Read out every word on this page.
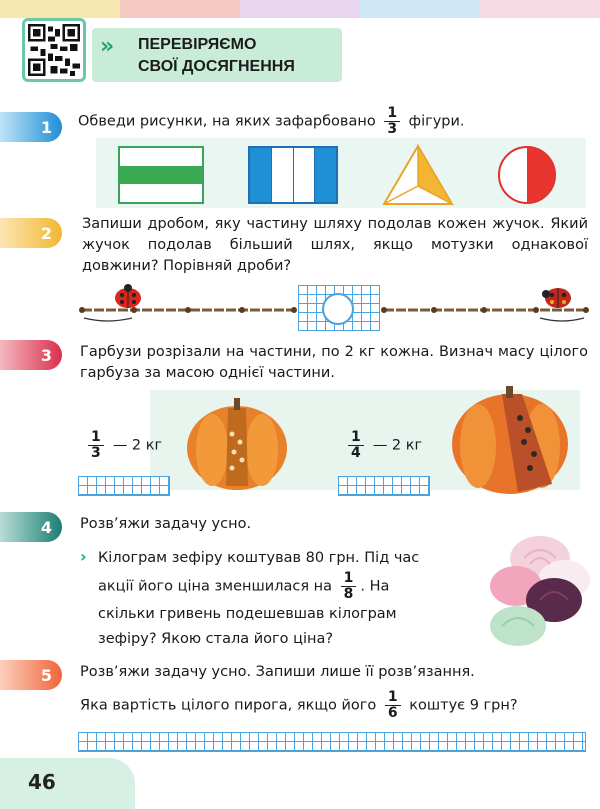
» ПЕРЕВІРЯЄМО
СВОЇ ДОСЯГНЕННЯ
1	Обведи рисунки, на яких зафарбовано $\frac{1}{3}$ фігури.
2	Запиши дробом, яку частину шляху подолав кожен жучок. Який жучок подолав більший шлях, якщо мотузки однакової довжини? Порівняй дроби?
3	Гарбузи розрізали на частини, по 2 кг кожна. Визнач масу цілого гарбуза за масою однієї частини.
$\frac{1}{3}$ — 2 кг	$\frac{1}{4}$ — 2 кг
4	Розв’яжи задачу усно.
› Кілограм зефіру коштував 80 грн. Під час
акції його ціна зменшилася на $\frac{1}{8}$ . На
скільки гривень подешевшав кілограм
зефіру? Якою стала його ціна?
5	Розв’яжи задачу усно. Запиши лише її розв’язання.
Яка вартість цілого пирога, якщо його $\frac{1}{6}$ коштує 9 грн?
46
